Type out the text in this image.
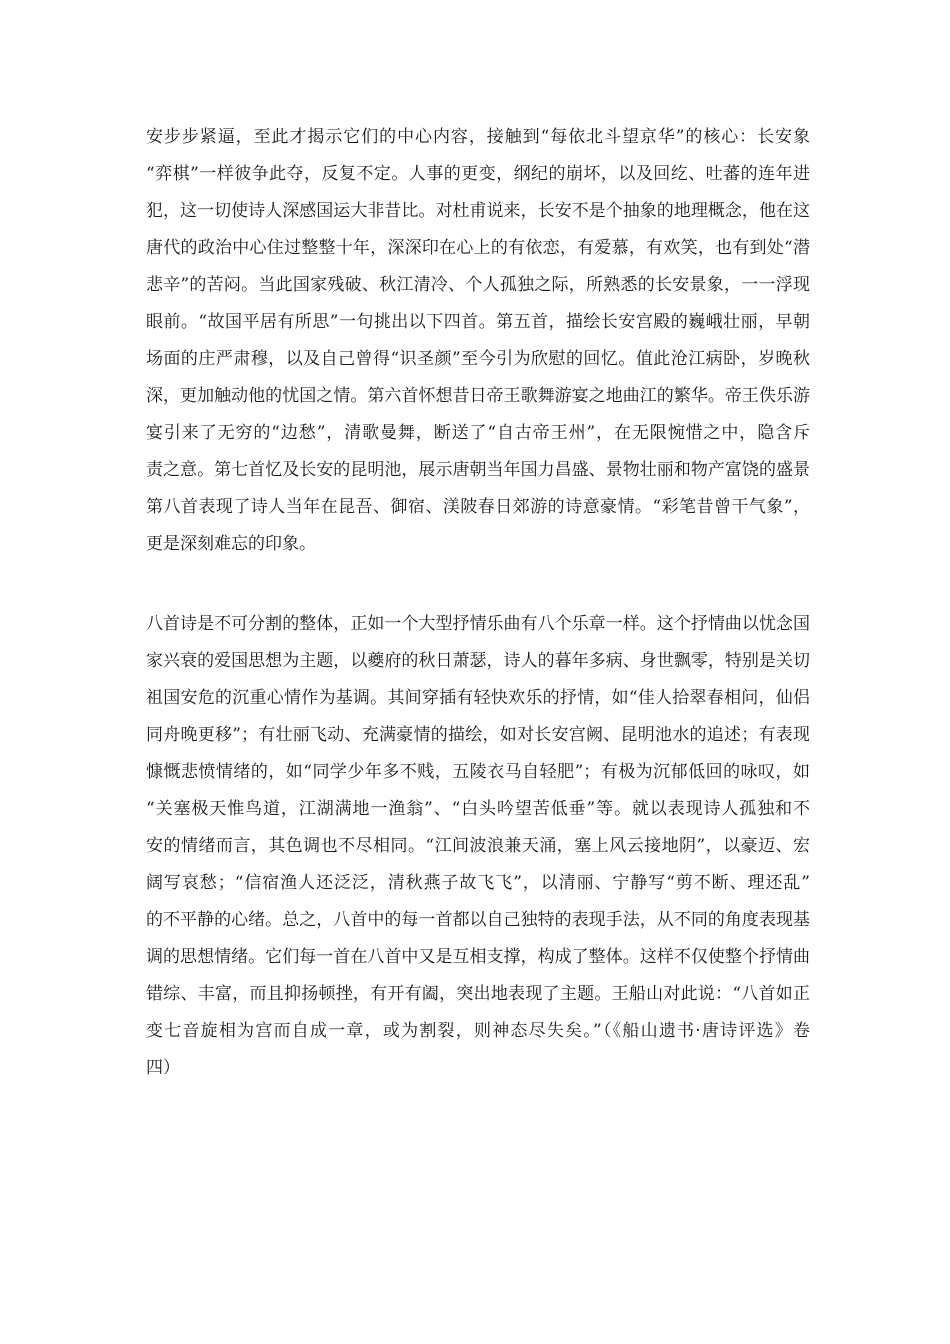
安步步紧逼，至此才揭示它们的中心内容，接触到“每依北斗望京华”的核心：长安象
“弈棋”一样彼争此夺，反复不定。人事的更变，纲纪的崩坏，以及回纥、吐蕃的连年进
犯，这一切使诗人深感国运大非昔比。对杜甫说来，长安不是个抽象的地理概念，他在这
唐代的政治中心住过整整十年，深深印在心上的有依恋，有爱慕，有欢笑，也有到处“潜
悲辛”的苦闷。当此国家残破、秋江清冷、个人孤独之际，所熟悉的长安景象，一一浮现
眼前。“故国平居有所思”一句挑出以下四首。第五首，描绘长安宫殿的巍峨壮丽，早朝
场面的庄严肃穆，以及自己曾得“识圣颜”至今引为欣慰的回忆。值此沧江病卧，岁晚秋
深，更加触动他的忧国之情。第六首怀想昔日帝王歌舞游宴之地曲江的繁华。帝王佚乐游
宴引来了无穷的“边愁”，清歌曼舞，断送了“自古帝王州”，在无限惋惜之中，隐含斥
责之意。第七首忆及长安的昆明池，展示唐朝当年国力昌盛、景物壮丽和物产富饶的盛景
第八首表现了诗人当年在昆吾、御宿、渼陂春日郊游的诗意豪情。“彩笔昔曾干气象”，
更是深刻难忘的印象。
八首诗是不可分割的整体，正如一个大型抒情乐曲有八个乐章一样。这个抒情曲以忧念国
家兴衰的爱国思想为主题，以夔府的秋日萧瑟，诗人的暮年多病、身世飘零，特别是关切
祖国安危的沉重心情作为基调。其间穿插有轻快欢乐的抒情，如“佳人拾翠春相问，仙侣
同舟晚更移”；有壮丽飞动、充满豪情的描绘，如对长安宫阙、昆明池水的追述；有表现
慷慨悲愤情绪的，如“同学少年多不贱，五陵衣马自轻肥”；有极为沉郁低回的咏叹，如
“关塞极天惟鸟道，江湖满地一渔翁”、“白头吟望苦低垂”等。就以表现诗人孤独和不
安的情绪而言，其色调也不尽相同。“江间波浪兼天涌，塞上风云接地阴”，以豪迈、宏
阔写哀愁；“信宿渔人还泛泛，清秋燕子故飞飞”，以清丽、宁静写“剪不断、理还乱”
的不平静的心绪。总之，八首中的每一首都以自己独特的表现手法，从不同的角度表现基
调的思想情绪。它们每一首在八首中又是互相支撑，构成了整体。这样不仅使整个抒情曲
错综、丰富，而且抑扬顿挫，有开有阖，突出地表现了主题。王船山对此说：“八首如正
变七音旋相为宫而自成一章，或为割裂，则神态尽失矣。”（《船山遗书·唐诗评选》卷
四）
